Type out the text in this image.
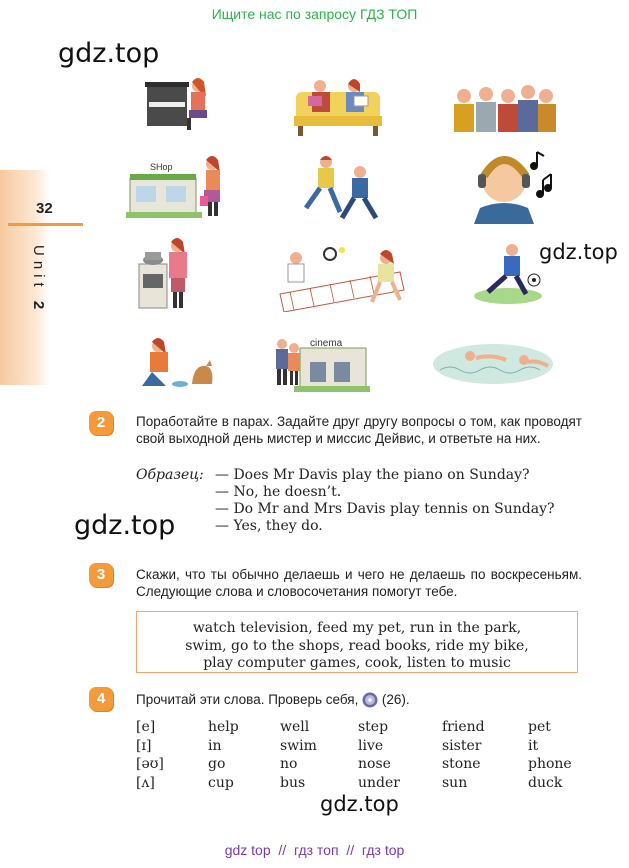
Ищите нас по запросу ГДЗ ТОП
gdz.top
gdz.top
gdz.top
gdz.top
32
Unit 2
SHop
cinema
2	Поработайте в парах. Задайте друг другу вопросы о том, как проводят свой выходной день мистер и миссис Дейвис, и ответьте на них.
Образец: — Does Mr Davis play the piano on Sunday?
— No, he doesn’t.
— Do Mr and Mrs Davis play tennis on Sunday?
— Yes, they do.
3	Скажи, что ты обычно делаешь и чего не делаешь по воскресеньям. Следующие слова и словосочетания помогут тебе.
watch television, feed my pet, run in the park,
swim, go to the shops, read books, ride my bike,
play computer games, cook, listen to music
4	Прочитай эти слова. Проверь себя, (26).
[e]	help	well	step	friend	pet
[ɪ]	in	swim	live	sister	it
[əʊ]	go	no	nose	stone	phone
[ʌ]	cup	bus	under	sun	duck
gdz top  //  гдз топ  //  гдз top
